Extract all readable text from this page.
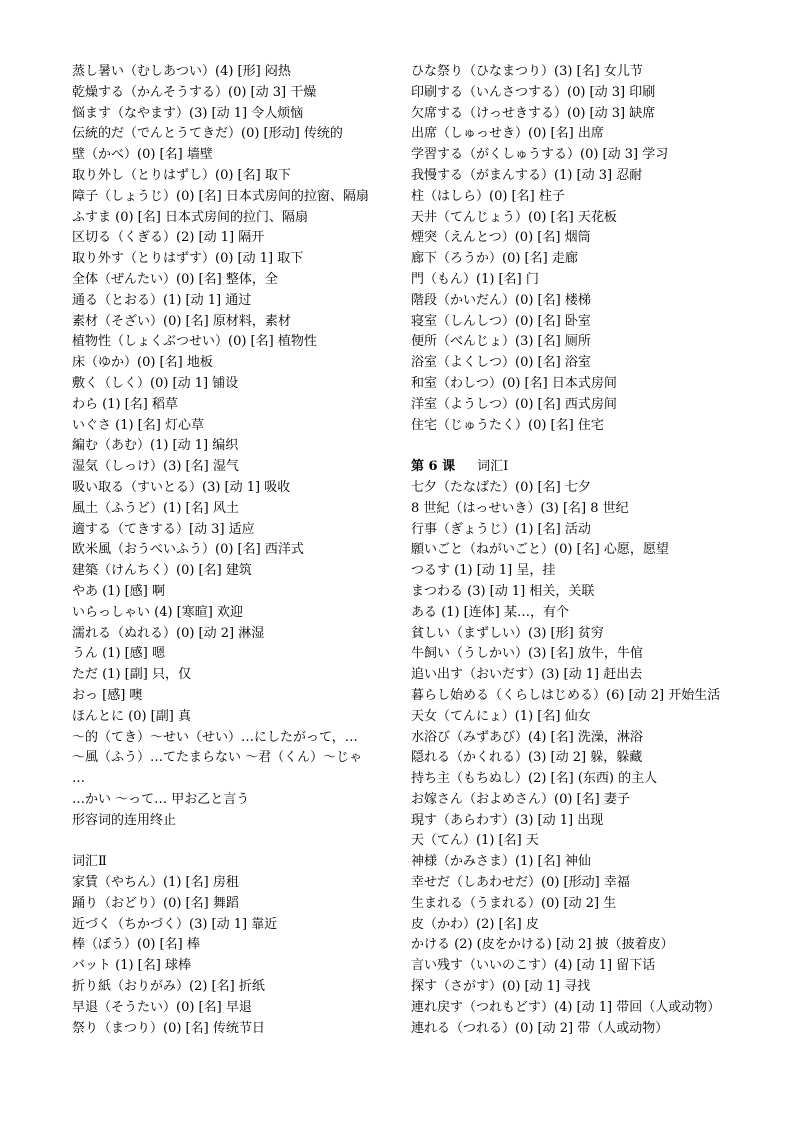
蒸し暑い（むしあつい）(4) [形] 闷热
乾燥する（かんそうする）(0) [动 3] 干燥
悩ます（なやます）(3) [动 1] 令人烦恼
伝統的だ（でんとうてきだ）(0) [形动] 传统的
壁（かべ）(0) [名] 墙壁
取り外し（とりはずし）(0) [名] 取下
障子（しょうじ）(0) [名] 日本式房间的拉窗、隔扇
ふすま (0) [名] 日本式房间的拉门、隔扇
区切る（くぎる）(2) [动 1] 隔开
取り外す（とりはずす）(0) [动 1] 取下
全体（ぜんたい）(0) [名] 整体，全
通る（とおる）(1) [动 1] 通过
素材（そざい）(0) [名] 原材料，素材
植物性（しょくぶつせい）(0) [名] 植物性
床（ゆか）(0) [名] 地板
敷く（しく）(0) [动 1] 铺设
わら (1) [名] 稻草
いぐさ (1) [名] 灯心草
編む（あむ）(1) [动 1] 编织
湿気（しっけ）(3) [名] 湿气
吸い取る（すいとる）(3) [动 1] 吸收
風土（ふうど）(1) [名] 风土
適する（てきする）[动 3] 适应
欧米風（おうべいふう）(0) [名] 西洋式
建築（けんちく）(0) [名] 建筑
やあ (1) [感] 啊
いらっしゃい (4) [寒暄] 欢迎
濡れる（ぬれる）(0) [动 2] 淋湿
うん (1) [感] 嗯
ただ (1) [副] 只，仅
おっ [感] 噢
ほんとに (0) [副] 真
～的（てき）～せい（せい）…にしたがって，…
～風（ふう）…てたまらない ～君（くん）～じゃ
…
…かい ～って… 甲お乙と言う
形容词的连用终止
词汇Ⅱ
家賃（やちん）(1) [名] 房租
踊り（おどり）(0) [名] 舞蹈
近づく（ちかづく）(3) [动 1] 靠近
棒（ぼう）(0) [名] 棒
バット (1) [名] 球棒
折り紙（おりがみ）(2) [名] 折纸
早退（そうたい）(0) [名] 早退
祭り（まつり）(0) [名] 传统节日
ひな祭り（ひなまつり）(3) [名] 女儿节
印刷する（いんさつする）(0) [动 3] 印刷
欠席する（けっせきする）(0) [动 3] 缺席
出席（しゅっせき）(0) [名] 出席
学習する（がくしゅうする）(0) [动 3] 学习
我慢する（がまんする）(1) [动 3] 忍耐
柱（はしら）(0) [名] 柱子
天井（てんじょう）(0) [名] 天花板
煙突（えんとつ）(0) [名] 烟筒
廊下（ろうか）(0) [名] 走廊
門（もん）(1) [名] 门
階段（かいだん）(0) [名] 楼梯
寝室（しんしつ）(0) [名] 卧室
便所（べんじょ）(3) [名] 厕所
浴室（よくしつ）(0) [名] 浴室
和室（わしつ）(0) [名] 日本式房间
洋室（ようしつ）(0) [名] 西式房间
住宅（じゅうたく）(0) [名] 住宅
第 6 课 词汇Ⅰ
七夕（たなばた）(0) [名] 七夕
8 世紀（はっせいき）(3) [名] 8 世纪
行事（ぎょうじ）(1) [名] 活动
願いごと（ねがいごと）(0) [名] 心愿，愿望
つるす (1) [动 1] 呈，挂
まつわる (3) [动 1] 相关，关联
ある (1) [连体] 某…，有个
貧しい（まずしい）(3) [形] 贫穷
牛飼い（うしかい）(3) [名] 放牛，牛倌
追い出す（おいだす）(3) [动 1] 赶出去
暮らし始める（くらしはじめる）(6) [动 2] 开始生活
天女（てんにょ）(1) [名] 仙女
水浴び（みずあび）(4) [名] 洗澡，淋浴
隠れる（かくれる）(3) [动 2] 躲，躲藏
持ち主（もちぬし）(2) [名] (东西) 的主人
お嫁さん（およめさん）(0) [名] 妻子
現す（あらわす）(3) [动 1] 出现
天（てん）(1) [名] 天
神様（かみさま）(1) [名] 神仙
幸せだ（しあわせだ）(0) [形动] 幸福
生まれる（うまれる）(0) [动 2] 生
皮（かわ）(2) [名] 皮
かける (2) (皮をかける) [动 2] 披（披着皮）
言い残す（いいのこす）(4) [动 1] 留下话
探す（さがす）(0) [动 1] 寻找
連れ戻す（つれもどす）(4) [动 1] 带回（人或动物）
連れる（つれる）(0) [动 2] 带（人或动物）
